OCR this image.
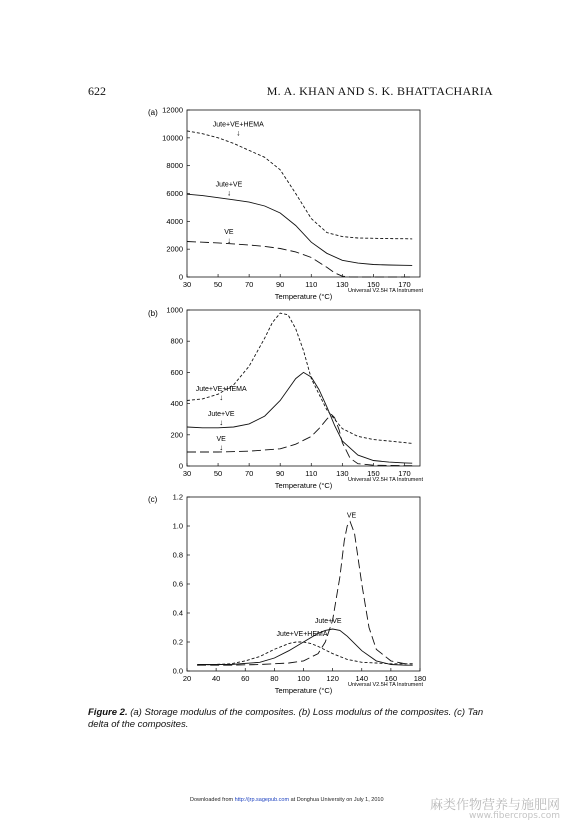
622	M. A. KHAN AND S. K. BHATTACHARIA
(a)
30	50	70	90	110	130 150 170
0
2000
4000
6000
8000
10000
12000
Temperature (°C)
Universal V2.5H TA Instrument
Jute+VE+HEMA
↓
Jute+VE
↓
VE
↓
(b)
30	50	70	90	110	130 150 170
0
200
400
600
800
1000
Temperature (°C)
Universal V2.5H TA Instrument
Jute+VE+HEMA
↓
Jute+VE
↓
VE
↓
(c)
20	40	60	80 100 120 140 160 180
0.0
0.2
0.4
0.6
0.8
1.0
1.2
Temperature (°C)
Universal V2.5H TA Instrument
VE
Jute+VE
Jute+VE+HEMA
Figure 2. (a) Storage modulus of the composites. (b) Loss modulus of the composites. (c) Tan delta of the composites.
Downloaded from http://jrp.sagepub.com at Donghua University on July 1, 2010	麻类作物营养与施肥网
www.fibercrops.com
